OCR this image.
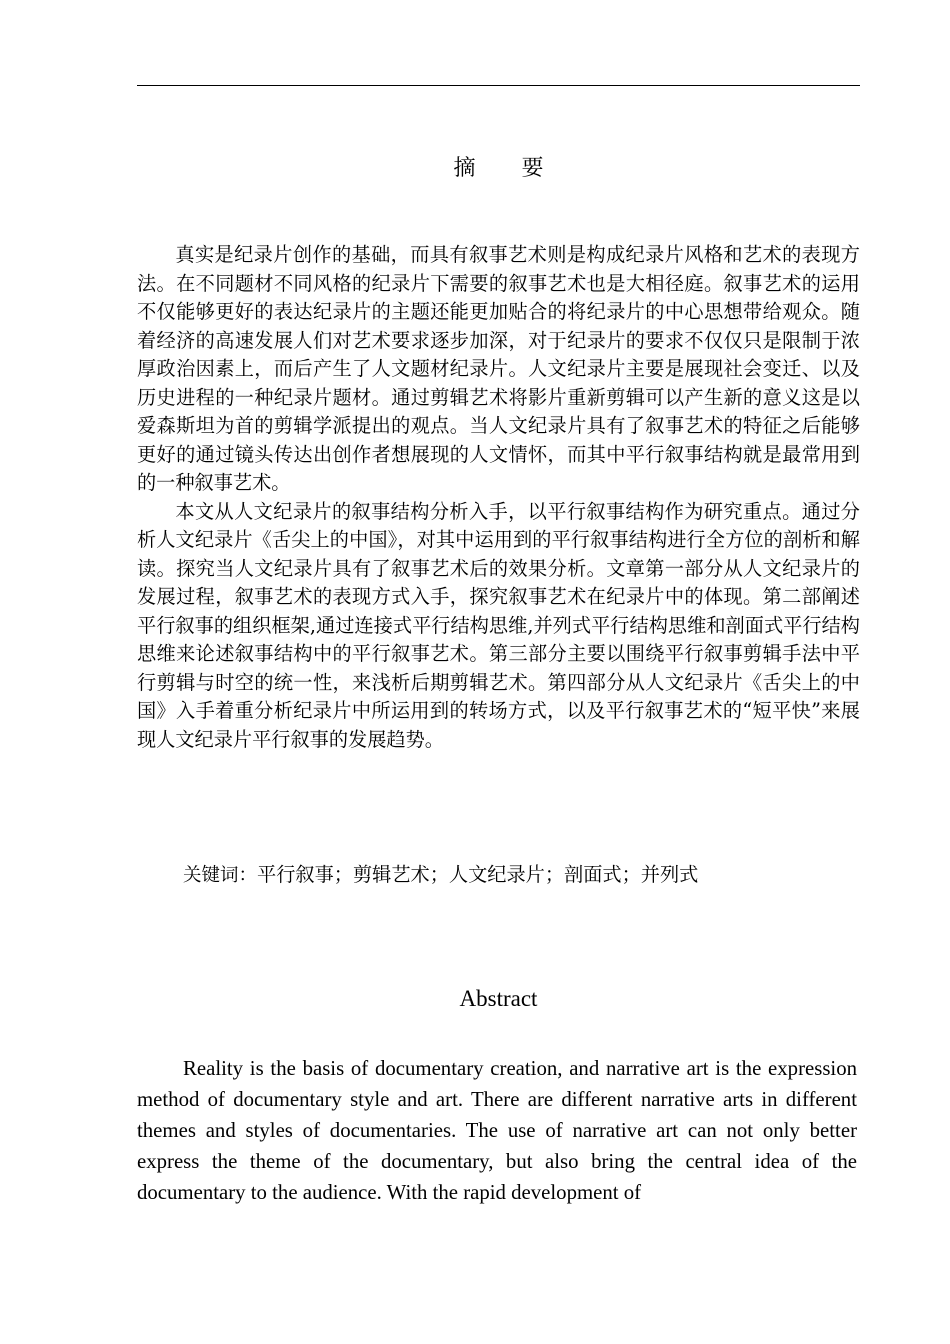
摘要

真实是纪录片创作的基础，而具有叙事艺术则是构成纪录片风格和艺术的表现方法。在不同题材不同风格的纪录片下需要的叙事艺术也是大相径庭。叙事艺术的运用不仅能够更好的表达纪录片的主题还能更加贴合的将纪录片的中心思想带给观众。随着经济的高速发展人们对艺术要求逐步加深，对于纪录片的要求不仅仅只是限制于浓厚政治因素上，而后产生了人文题材纪录片。人文纪录片主要是展现社会变迁、以及历史进程的一种纪录片题材。通过剪辑艺术将影片重新剪辑可以产生新的意义这是以爱森斯坦为首的剪辑学派提出的观点。当人文纪录片具有了叙事艺术的特征之后能够更好的通过镜头传达出创作者想展现的人文情怀，而其中平行叙事结构就是最常用到的一种叙事艺术。

本文从人文纪录片的叙事结构分析入手，以平行叙事结构作为研究重点。通过分析人文纪录片《舌尖上的中国》，对其中运用到的平行叙事结构进行全方位的剖析和解读。探究当人文纪录片具有了叙事艺术后的效果分析。文章第一部分从人文纪录片的发展过程，叙事艺术的表现方式入手，探究叙事艺术在纪录片中的体现。第二部阐述平行叙事的组织框架,通过连接式平行结构思维,并列式平行结构思维和剖面式平行结构思维来论述叙事结构中的平行叙事艺术。第三部分主要以围绕平行叙事剪辑手法中平行剪辑与时空的统一性，来浅析后期剪辑艺术。第四部分从人文纪录片《舌尖上的中国》入手着重分析纪录片中所运用到的转场方式，以及平行叙事艺术的“短平快”来展现人文纪录片平行叙事的发展趋势。

关键词：平行叙事；剪辑艺术；人文纪录片；剖面式；并列式
Abstract

Reality is the basis of documentary creation, and narrative art is the expression method of documentary style and art. There are different narrative arts in different themes and styles of documentaries. The use of narrative art can not only better express the theme of the documentary, but also bring the central idea of the documentary to the audience. With the rapid development of
